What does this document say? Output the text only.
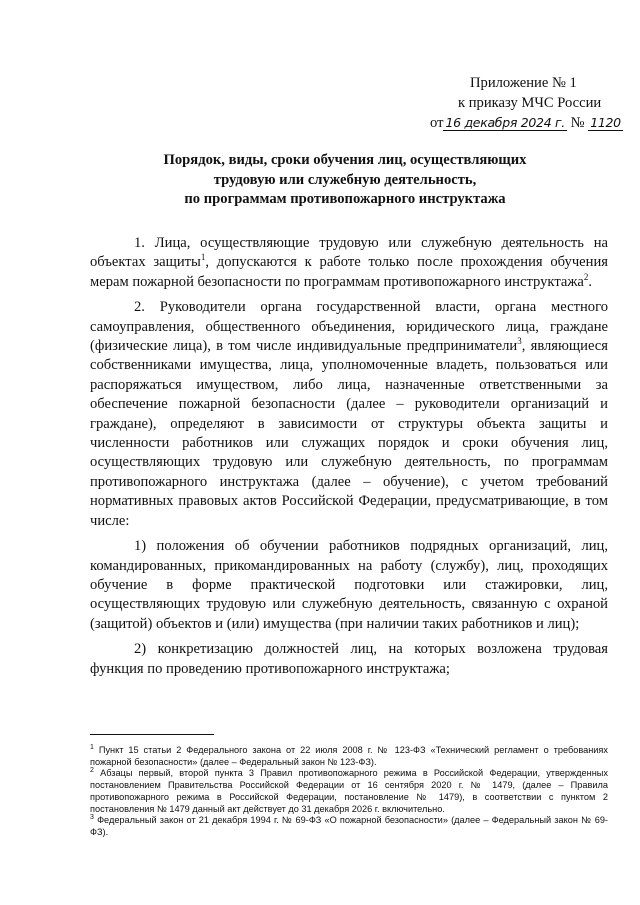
Приложение № 1
к приказу МЧС России
от 16 декабря 2024 г. № 1120
Порядок, виды, сроки обучения лиц, осуществляющих
трудовую или служебную деятельность,
по программам противопожарного инструктажа

1. Лица, осуществляющие трудовую или служебную деятельность на объектах защиты$^1$, допускаются к работе только после прохождения обучения мерам пожарной безопасности по программам противопожарного инструктажа$^2$.

2. Руководители органа государственной власти, органа местного самоуправления, общественного объединения, юридического лица, граждане (физические лица), в том числе индивидуальные предприниматели$^3$, являющиеся собственниками имущества, лица, уполномоченные владеть, пользоваться или распоряжаться имуществом, либо лица, назначенные ответственными за обеспечение пожарной безопасности (далее – руководители организаций и граждане), определяют в зависимости от структуры объекта защиты и численности работников или служащих порядок и сроки обучения лиц, осуществляющих трудовую или служебную деятельность, по программам противопожарного инструктажа (далее – обучение), с учетом требований нормативных правовых актов Российской Федерации, предусматривающие, в том числе:

1) положения об обучении работников подрядных организаций, лиц, командированных, прикомандированных на работу (службу), лиц, проходящих обучение в форме практической подготовки или стажировки, лиц, осуществляющих трудовую или служебную деятельность, связанную с охраной (защитой) объектов и (или) имущества (при наличии таких работников и лиц);

2) конкретизацию должностей лиц, на которых возложена трудовая функция по проведению противопожарного инструктажа;

$^1$ Пункт 15 статьи 2 Федерального закона от 22 июля 2008 г. № 123-ФЗ «Технический регламент о требованиях пожарной безопасности» (далее – Федеральный закон № 123-ФЗ).

$^2$ Абзацы первый, второй пункта 3 Правил противопожарного режима в Российской Федерации, утвержденных постановлением Правительства Российской Федерации от 16 сентября 2020 г. № 1479, (далее – Правила противопожарного режима в Российской Федерации, постановление № 1479), в соответствии с пунктом 2 постановления № 1479 данный акт действует до 31 декабря 2026 г. включительно.

$^3$ Федеральный закон от 21 декабря 1994 г. № 69-ФЗ «О пожарной безопасности» (далее – Федеральный закон № 69-ФЗ).
